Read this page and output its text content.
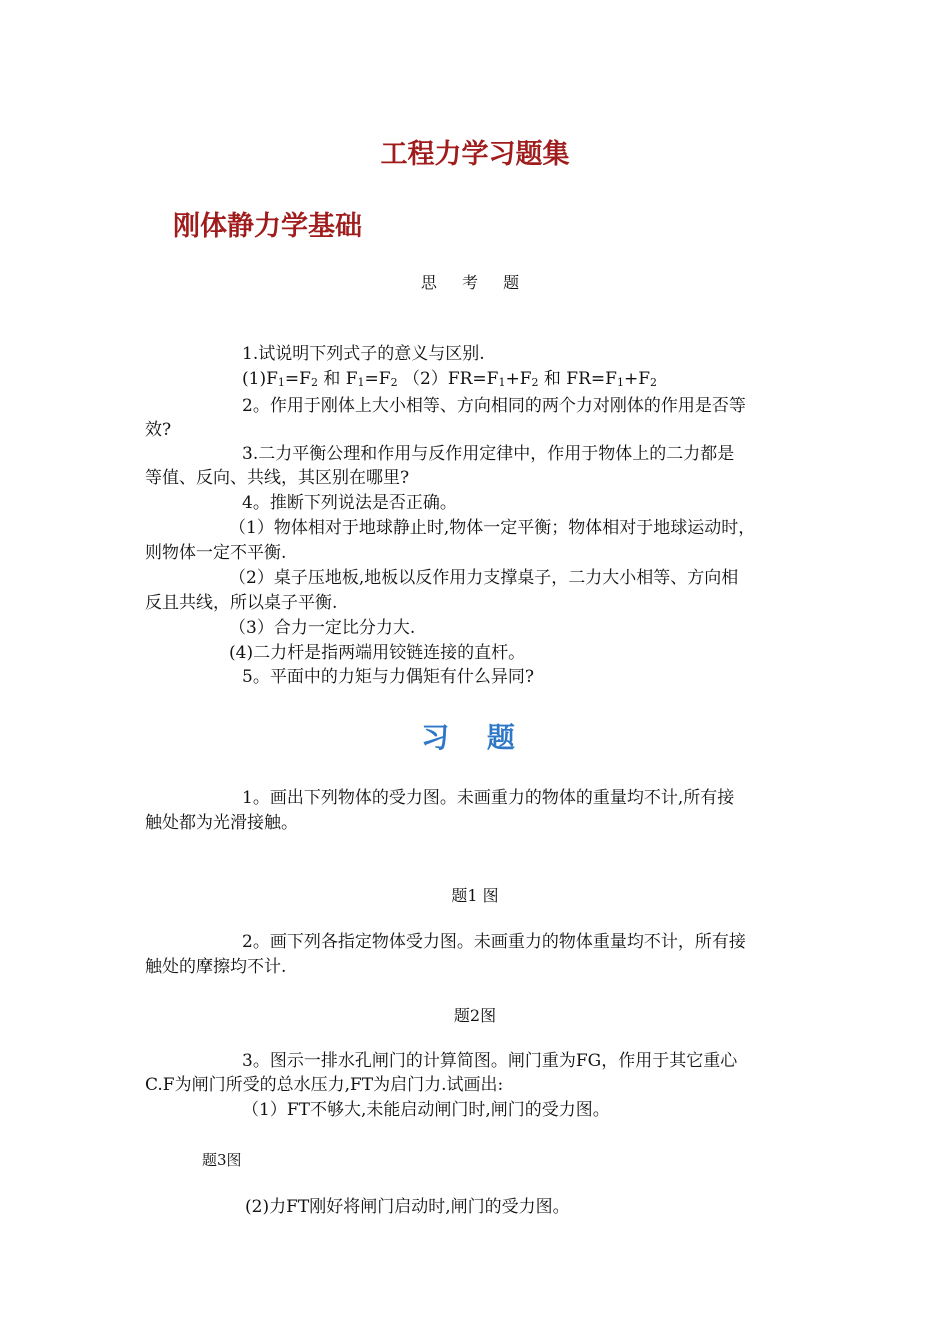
工程力学习题集
刚体静力学基础
思 考 题
1.试说明下列式子的意义与区别.
$(1)F_1=F_2$ 和 $F_1=F_2$ $(2)FR=F_1+F_2$ 和 $FR=F_1+F_2$
2。作用于刚体上大小相等、方向相同的两个力对刚体的作用是否等
效?
3.二力平衡公理和作用与反作用定律中，作用于物体上的二力都是
等值、反向、共线，其区别在哪里?
4。推断下列说法是否正确。
（1）物体相对于地球静止时,物体一定平衡；物体相对于地球运动时，
则物体一定不平衡.
（2）桌子压地板,地板以反作用力支撑桌子，二力大小相等、方向相
反且共线，所以桌子平衡.
（3）合力一定比分力大.
(4)二力杆是指两端用铰链连接的直杆。
5。平面中的力矩与力偶矩有什么异同?
习 题
1。画出下列物体的受力图。未画重力的物体的重量均不计,所有接
触处都为光滑接触。
题1 图
2。画下列各指定物体受力图。未画重力的物体重量均不计，所有接
触处的摩擦均不计.
题2图
3。图示一排水孔闸门的计算简图。闸门重为FG，作用于其它重心
C.F为闸门所受的总水压力,FT为启门力.试画出:
（1）FT不够大,未能启动闸门时,闸门的受力图。
题3图
(2)力FT刚好将闸门启动时,闸门的受力图。
